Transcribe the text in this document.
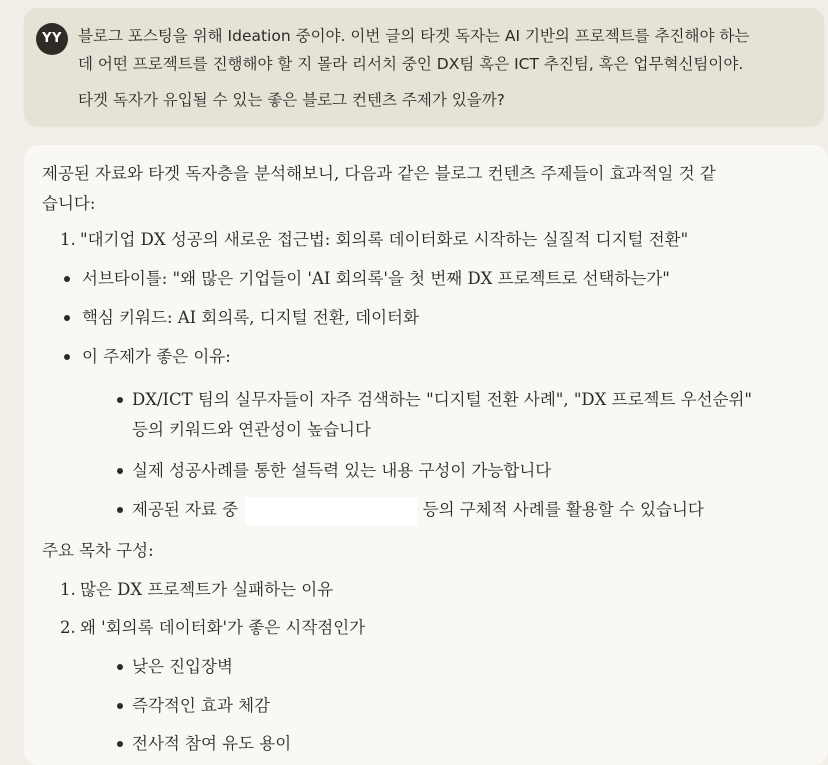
YY	블로그 포스팅을 위해 Ideation 중이야. 이번 글의 타겟 독자는 AI 기반의 프로젝트를 추진해야 하는
데 어떤 프로젝트를 진행해야 할 지 몰라 리서치 중인 DX팀 혹은 ICT 추진팀, 혹은 업무혁신팀이야.
타겟 독자가 유입될 수 있는 좋은 블로그 컨텐츠 주제가 있을까?
제공된 자료와 타겟 독자층을 분석해보니, 다음과 같은 블로그 컨텐츠 주제들이 효과적일 것 같
습니다:
1. "대기업 DX 성공의 새로운 접근법: 회의록 데이터화로 시작하는 실질적 디지털 전환"
서브타이틀: "왜 많은 기업들이 'AI 회의록'을 첫 번째 DX 프로젝트로 선택하는가"
핵심 키워드: AI 회의록, 디지털 전환, 데이터화
이 주제가 좋은 이유:
DX/ICT 팀의 실무자들이 자주 검색하는 "디지털 전환 사례", "DX 프로젝트 우선순위"
등의 키워드와 연관성이 높습니다
실제 성공사례를 통한 설득력 있는 내용 구성이 가능합니다
제공된 자료 중	등의 구체적 사례를 활용할 수 있습니다
주요 목차 구성:
1. 많은 DX 프로젝트가 실패하는 이유
2. 왜 '회의록 데이터화'가 좋은 시작점인가
낮은 진입장벽
즉각적인 효과 체감
전사적 참여 유도 용이
